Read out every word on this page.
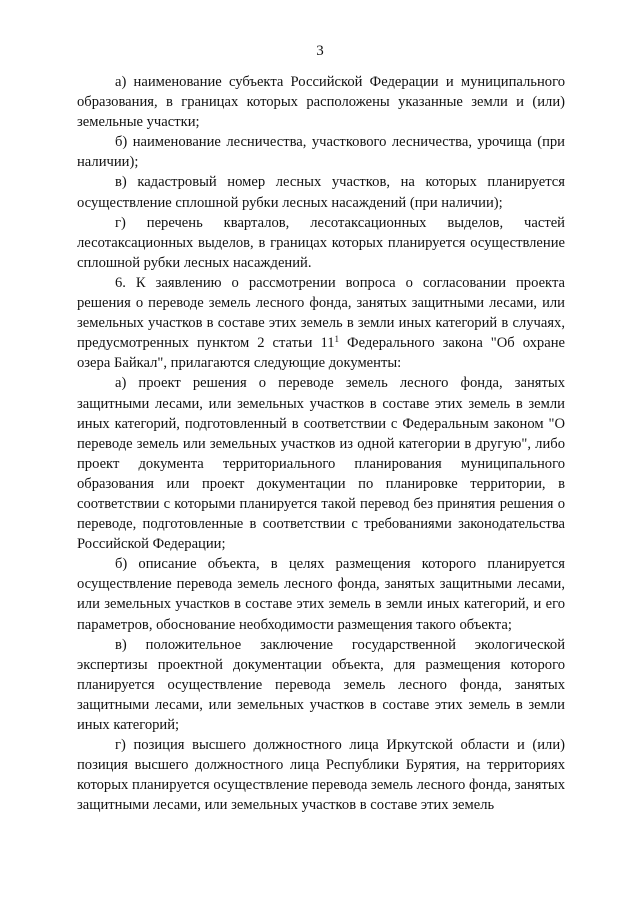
3

а) наименование субъекта Российской Федерации и муниципального образования, в границах которых расположены указанные земли и (или) земельные участки;

б) наименование лесничества, участкового лесничества, урочища (при наличии);

в) кадастровый номер лесных участков, на которых планируется осуществление сплошной рубки лесных насаждений (при наличии);

г) перечень кварталов, лесотаксационных выделов, частей лесотаксационных выделов, в границах которых планируется осуществление сплошной рубки лесных насаждений.

6. К заявлению о рассмотрении вопроса о согласовании проекта решения о переводе земель лесного фонда, занятых защитными лесами, или земельных участков в составе этих земель в земли иных категорий в случаях, предусмотренных пунктом 2 статьи $11^1$ Федерального закона "Об охране озера Байкал", прилагаются следующие документы:

а) проект решения о переводе земель лесного фонда, занятых защитными лесами, или земельных участков в составе этих земель в земли иных категорий, подготовленный в соответствии с Федеральным законом "О переводе земель или земельных участков из одной категории в другую", либо проект документа территориального планирования муниципального образования или проект документации по планировке территории, в соответствии с которыми планируется такой перевод без принятия решения о переводе, подготовленные в соответствии с требованиями законодательства Российской Федерации;

б) описание объекта, в целях размещения которого планируется осуществление перевода земель лесного фонда, занятых защитными лесами, или земельных участков в составе этих земель в земли иных категорий, и его параметров, обоснование необходимости размещения такого объекта;

в) положительное заключение государственной экологической экспертизы проектной документации объекта, для размещения которого планируется осуществление перевода земель лесного фонда, занятых защитными лесами, или земельных участков в составе этих земель в земли иных категорий;

г) позиция высшего должностного лица Иркутской области и (или) позиция высшего должностного лица Республики Бурятия, на территориях которых планируется осуществление перевода земель лесного фонда, занятых защитными лесами, или земельных участков в составе этих земель
